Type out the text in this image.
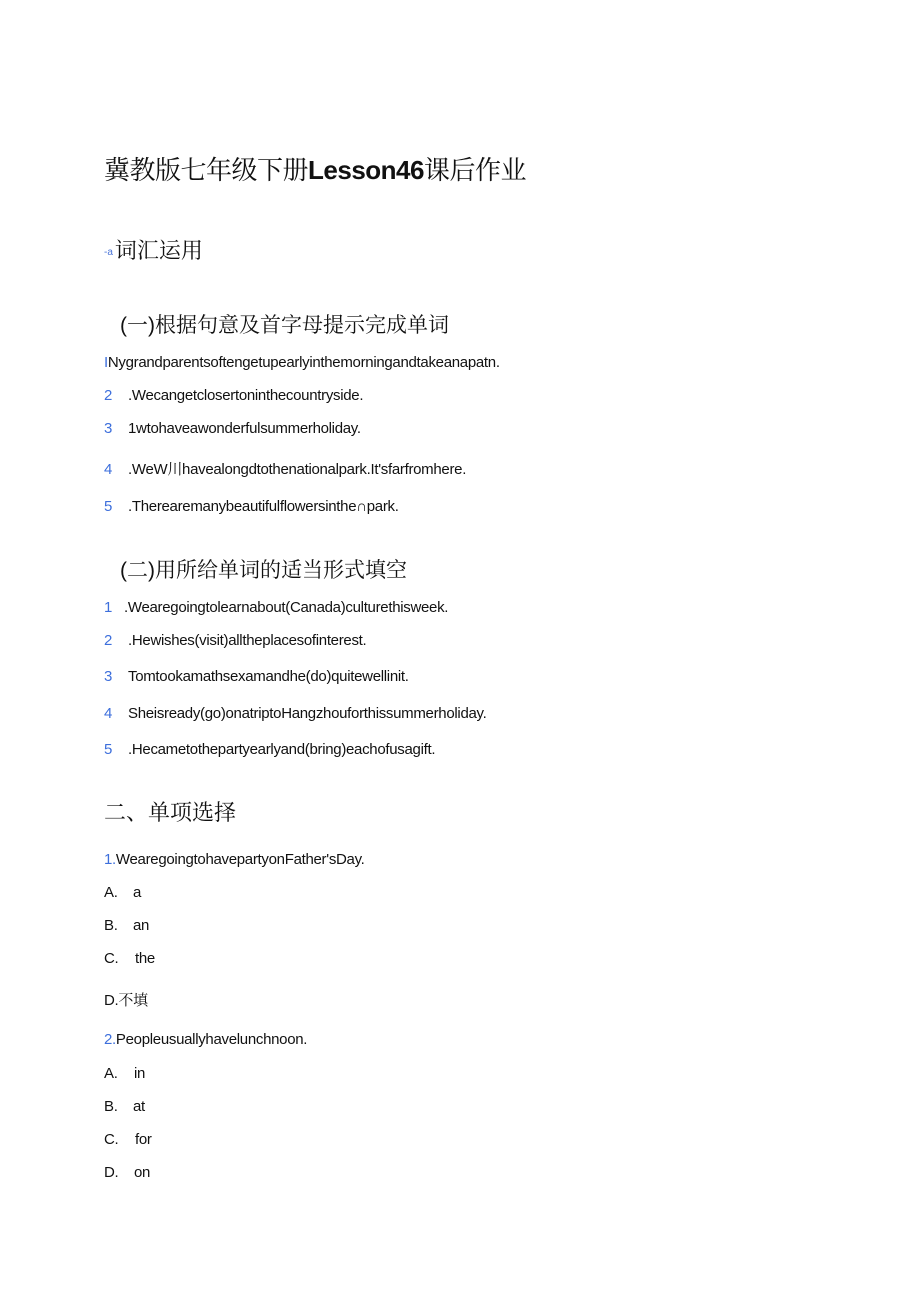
冀教版七年级下册Lesson46课后作业
-a词汇运用
(一)根据句意及首字母提示完成单词
INygrandparentsoftengetupearlyinthemorningandtakeanapatn.
2 .Wecangetclosertoninthecountryside.
3 1wtohaveawonderfulsummerholiday.
4 .WeW川havealongdtothenationalpark.It'sfarfromhere.
5 .Therearemanybeautifulflowersinthe∩park.
(二)用所给单词的适当形式填空
1 .Wearegoingtolearnabout(Canada)culturethisweek.
2 .Hewishes(visit)alltheplacesofinterest.
3 Tomtookamathsexamandhe(do)quitewellinit.
4 Sheisready(go)onatriptoHangzhouforthissummerholiday.
5 .Hecametothepartyearlyand(bring)eachofusagift.
二、单项选择
1.WearegoingtohavepartyonFather'sDay.
A. a
B. an
C. the
D.不填
2.Peopleusuallyhavelunchnoon.
A. in
B. at
C. for
D. on
